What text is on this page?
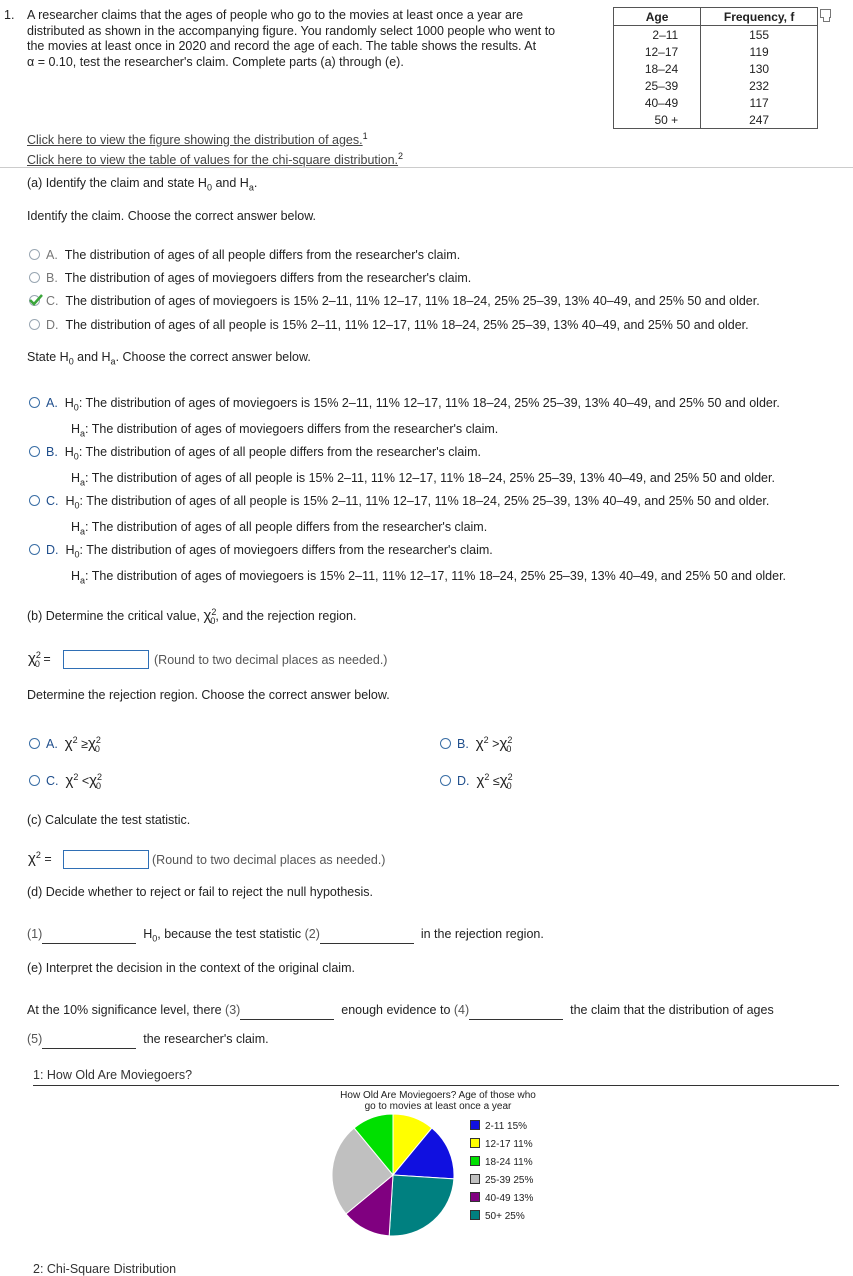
1. A researcher claims that the ages of people who go to the movies at least once a year are
distributed as shown in the accompanying figure. You randomly select 1000 people who went to
the movies at least once in 2020 and record the age of each. The table shows the results. At
α = 0.10, test the researcher's claim. Complete parts (a) through (e).
Click here to view the figure showing the distribution of ages.$^1$
Click here to view the table of values for the chi-square distribution.$^2$
Age	Frequency, f
2–11	155
12–17	119
18–24	130
25–39	232
40–49	117
50 +	247
(a) Identify the claim and state $H_0$ and $H_a$.
Identify the claim. Choose the correct answer below.
A. The distribution of ages of all people differs from the researcher's claim.
B. The distribution of ages of moviegoers differs from the researcher's claim.
C. The distribution of ages of moviegoers is 15% 2–11, 11% 12–17, 11% 18–24, 25% 25–39, 13% 40–49, and 25% 50 and older.
D. The distribution of ages of all people is 15% 2–11, 11% 12–17, 11% 18–24, 25% 25–39, 13% 40–49, and 25% 50 and older.
State $H_0$ and $H_a$. Choose the correct answer below.
A. $H_0$: The distribution of ages of moviegoers is 15% 2–11, 11% 12–17, 11% 18–24, 25% 25–39, 13% 40–49, and 25% 50 and older.
$H_a$: The distribution of ages of moviegoers differs from the researcher's claim.
B. $H_0$: The distribution of ages of all people differs from the researcher's claim.
$H_a$: The distribution of ages of all people is 15% 2–11, 11% 12–17, 11% 18–24, 25% 25–39, 13% 40–49, and 25% 50 and older.
C. $H_0$: The distribution of ages of all people is 15% 2–11, 11% 12–17, 11% 18–24, 25% 25–39, 13% 40–49, and 25% 50 and older.
$H_a$: The distribution of ages of all people differs from the researcher's claim.
D. $H_0$: The distribution of ages of moviegoers differs from the researcher's claim.
$H_a$: The distribution of ages of moviegoers is 15% 2–11, 11% 12–17, 11% 18–24, 25% 25–39, 13% 40–49, and 25% 50 and older.
(b) Determine the critical value, $\chi^2_0$, and the rejection region.
$\chi^2_0$ =	(Round to two decimal places as needed.)
Determine the rejection region. Choose the correct answer below.
A. $\chi^2 \ge\chi^2_0$	B. $\chi^2 >\chi^2_0$
C. $\chi^2 <\chi^2_0$	D. $\chi^2 \le\chi^2_0$
(c) Calculate the test statistic.
$\chi^2$ =	(Round to two decimal places as needed.)
(d) Decide whether to reject or fail to reject the null hypothesis.
(1)	$H_0$, because the test statistic (2)	in the rejection region.
(e) Interpret the decision in the context of the original claim.
At the 10% significance level, there (3)	enough evidence to (4)	the claim that the distribution of ages
(5)	the researcher's claim.
1: How Old Are Moviegoers?
How Old Are Moviegoers? Age of those who
go to movies at least once a year
2-11 15%
12-17 11%
18-24 11%
25-39 25%
40-49 13%
50+ 25%
2: Chi-Square Distribution
